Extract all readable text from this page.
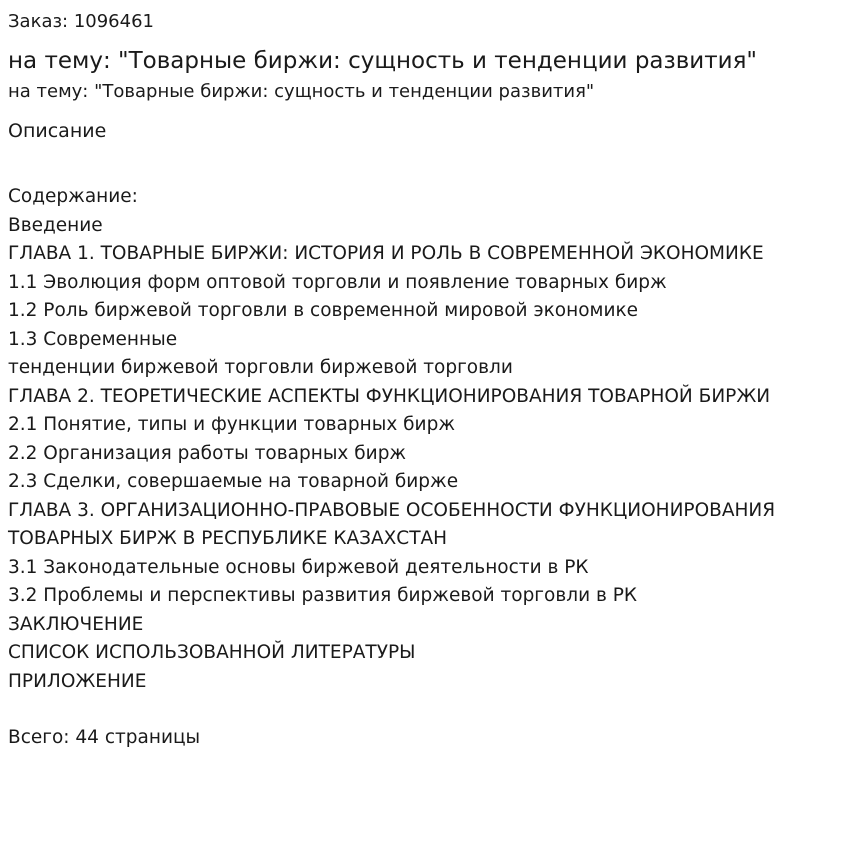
Заказ: 1096461
на тему: "Товарные биржи: сущность и тенденции развития"
на тему: "Товарные биржи: сущность и тенденции развития"
Описание
Содержание:
Введение
ГЛАВА 1. ТОВАРНЫЕ БИРЖИ: ИСТОРИЯ И РОЛЬ В СОВРЕМЕННОЙ ЭКОНОМИКЕ
1.1 Эволюция форм оптовой торговли и появление товарных бирж
1.2 Роль биржевой торговли в современной мировой экономике
1.3 Современные
тенденции биржевой торговли биржевой торговли
ГЛАВА 2. ТЕОРЕТИЧЕСКИЕ АСПЕКТЫ ФУНКЦИОНИРОВАНИЯ ТОВАРНОЙ БИРЖИ
2.1 Понятие, типы и функции товарных бирж
2.2 Организация работы товарных бирж
2.3 Сделки, совершаемые на товарной бирже
ГЛАВА 3. ОРГАНИЗАЦИОННО-ПРАВОВЫЕ ОСОБЕННОСТИ ФУНКЦИОНИРОВАНИЯ
ТОВАРНЫХ БИРЖ В РЕСПУБЛИКЕ КАЗАХСТАН
3.1 Законодательные основы биржевой деятельности в РК
3.2 Проблемы и перспективы развития биржевой торговли в РК
ЗАКЛЮЧЕНИЕ
СПИСОК ИСПОЛЬЗОВАННОЙ ЛИТЕРАТУРЫ
ПРИЛОЖЕНИЕ
Всего: 44 страницы
